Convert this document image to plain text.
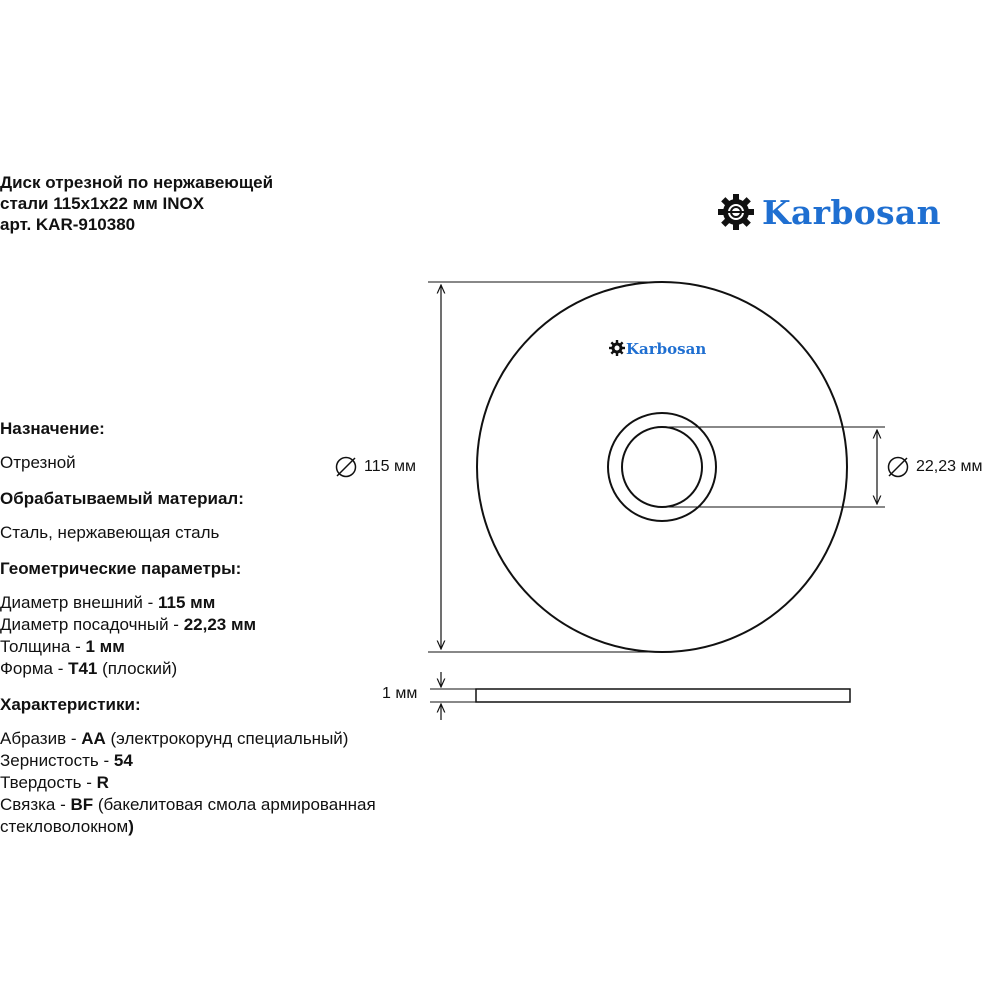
Диск отрезной по нержавеющей
стали 115х1х22 мм INOX
арт. KAR-910380	Karbosan
Karbosan
115 мм	22,23 мм
1 мм
Назначение:
Отрезной
Обрабатываемый материал:
Сталь, нержавеющая сталь
Геометрические параметры:
Диаметр внешний - 115 мм
Диаметр посадочный - 22,23 мм
Толщина - 1 мм
Форма - T41 (плоский)
Характеристики:
Абразив - AA (электрокорунд специальный)
Зернистость - 54
Твердость - R
Связка - BF (бакелитовая смола армированная
стекловолокном)
